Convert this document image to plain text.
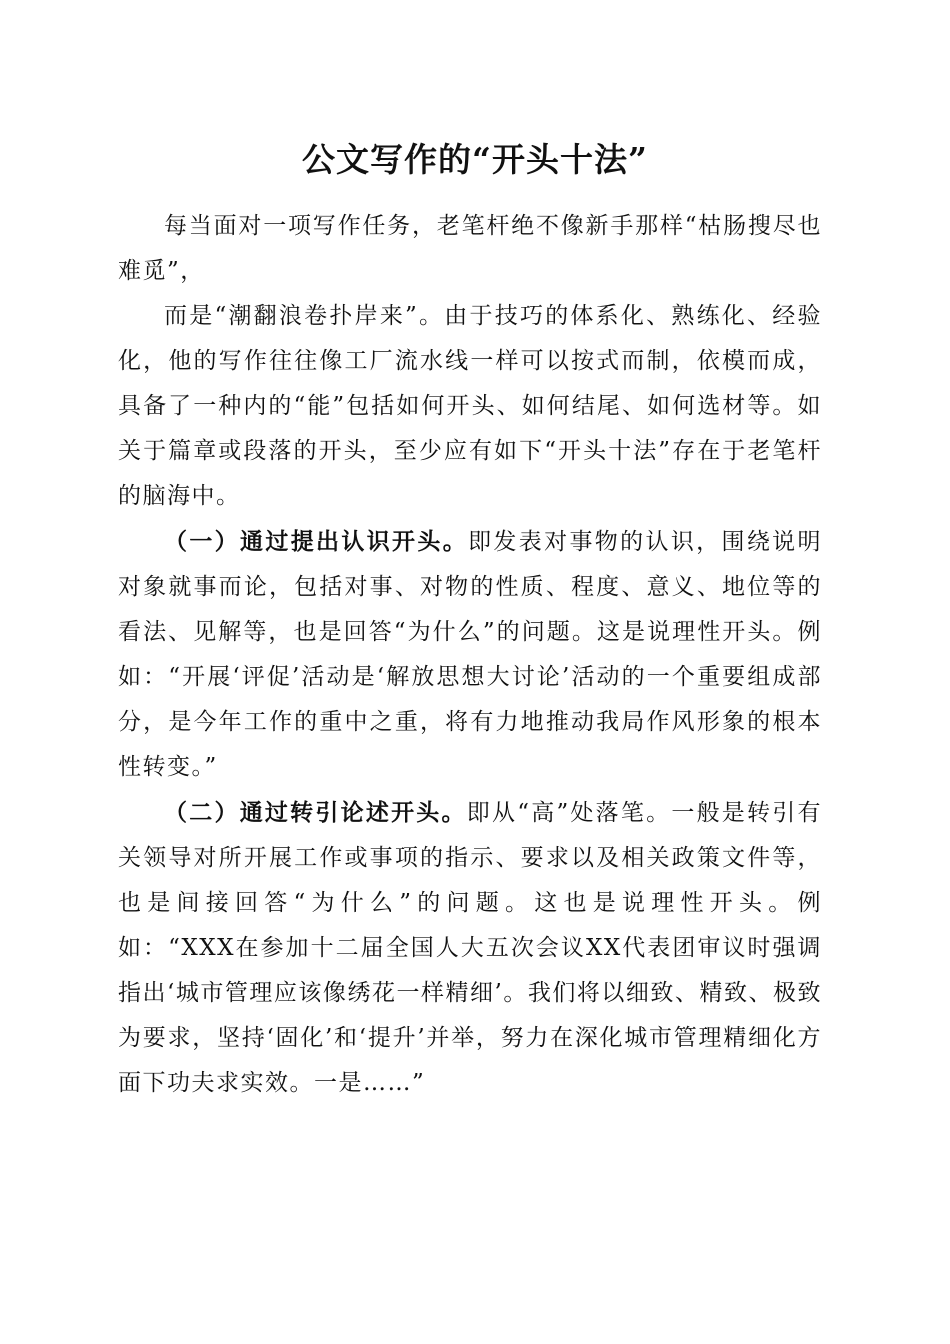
公文写作的“开头十法”

每当面对一项写作任务，老笔杆绝不像新手那样“枯肠搜尽也难觅”，

而是“潮翻浪卷扑岸来”。由于技巧的体系化、熟练化、经验化，他的写作往往像工厂流水线一样可以按式而制，依模而成，具备了一种内的“能”包括如何开头、如何结尾、如何选材等。如关于篇章或段落的开头，至少应有如下“开头十法”存在于老笔杆的脑海中。

（一）通过提出认识开头。即发表对事物的认识，围绕说明对象就事而论，包括对事、对物的性质、程度、意义、地位等的看法、见解等，也是回答“为什么”的问题。这是说理性开头。例如：“开展‘评促’活动是‘解放思想大讨论’活动的一个重要组成部分，是今年工作的重中之重，将有力地推动我局作风形象的根本性转变。”

（二）通过转引论述开头。即从“高”处落笔。一般是转引有关领导对所开展工作或事项的指示、要求以及相关政策文件等，也是间接回答“为什么”的问题。这也是说理性开头。例如：“XXX在参加十二届全国人大五次会议XX代表团审议时强调指出‘城市管理应该像绣花一样精细’。我们将以细致、精致、极致为要求，坚持‘固化’和‘提升’并举，努力在深化城市管理精细化方面下功夫求实效。一是……”
